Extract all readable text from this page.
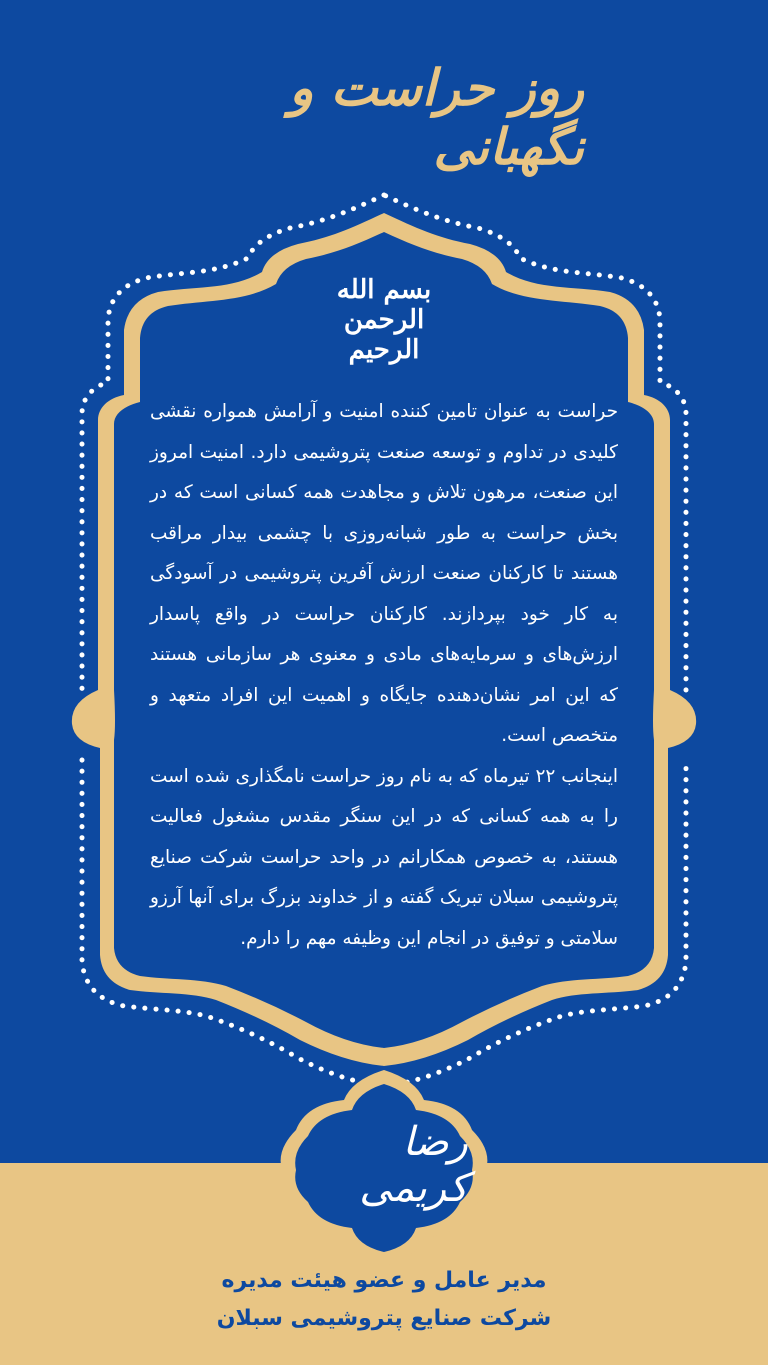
روز حراست و نگهبانی
بسم الله
الرحمن
الرحیم

حراست به عنوان تامین کننده امنیت و آرامش همواره نقشی کلیدی در تداوم و توسعه صنعت پتروشیمی دارد. امنیت امروز این صنعت، مرهون تلاش و مجاهدت همه کسانی است که در بخش حراست به طور شبانه‌روزی با چشمی بیدار مراقب هستند تا کارکنان صنعت ارزش آفرین پتروشیمی در آسودگی به کار خود بپردازند. کارکنان حراست در واقع پاسدار ارزش‌های و سرمایه‌های مادی و معنوی هر سازمانی هستند که این امر نشان‌دهنده جایگاه و اهمیت این افراد متعهد و متخصص است.

اینجانب ۲۲ تیرماه که به نام روز حراست نامگذاری شده است را به همه کسانی که در این سنگر مقدس مشغول فعالیت هستند، به خصوص همکارانم در واحد حراست شرکت صنایع پتروشیمی سبلان تبریک گفته و از خداوند بزرگ برای آنها آرزو سلامتی و توفیق در انجام این وظیفه مهم را دارم.

رضا کریمی
مدیر عامل و عضو هیئت مدیره
شرکت صنایع پتروشیمی سبلان
